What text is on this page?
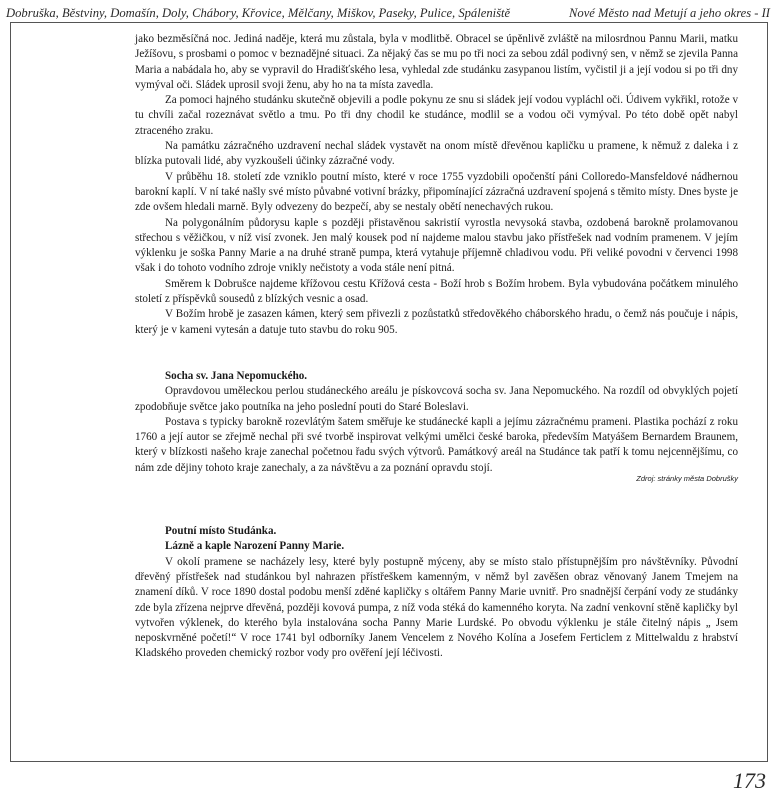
Dobruška, Běstviny, Domašín, Doly, Chábory, Křovice, Mělčany, Miškov, Paseky, Pulice, Spáleniště	Nové Město nad Metují a jeho okres - II

jako bezměsíčná noc. Jediná naděje, která mu zůstala, byla v modlitbě. Obracel se úpěnlivě zvláště na milosrdnou Pannu Marii, matku Ježíšovu, s prosbami o pomoc v beznadějné situaci. Za nějaký čas se mu po tři noci za sebou zdál podivný sen, v němž se zjevila Panna Maria a nabádala ho, aby se vypravil do Hradišťského lesa, vyhledal zde studánku zasypanou listím, vyčistil ji a její vodou si po tři dny vymýval oči. Sládek uprosil svoji ženu, aby ho na ta místa zavedla.

Za pomoci hajného studánku skutečně objevili a podle pokynu ze snu si sládek její vodou vypláchl oči. Údivem vykřikl, rotože v tu chvíli začal rozeznávat světlo a tmu. Po tři dny chodil ke studánce, modlil se a vodou oči vymýval. Po této době opět nabyl ztraceného zraku.

Na památku zázračného uzdravení nechal sládek vystavět na onom místě dřevěnou kapličku u pramene, k němuž z daleka i z blízka putovali lidé, aby vyzkoušeli účinky zázračné vody.

V průběhu 18. století zde vzniklo poutní místo, které v roce 1755 vyzdobili opočenští páni Colloredo-Mansfeldové nádhernou barokní kaplí. V ní také našly své místo půvabné votivní brázky, připomínající zázračná uzdravení spojená s těmito místy. Dnes byste je zde ovšem hledali marně. Byly odvezeny do bezpečí, aby se nestaly obětí nenechavých rukou.

Na polygonálním půdorysu kaple s později přistavěnou sakristií vyrostla nevysoká stavba, ozdobená barokně prolamovanou střechou s věžičkou, v níž visí zvonek. Jen malý kousek pod ní najdeme malou stavbu jako přístřešek nad vodním pramenem. V jejím výklenku je soška Panny Marie a na druhé straně pumpa, která vytahuje příjemně chladivou vodu. Při veliké povodni v červenci 1998 však i do tohoto vodního zdroje vnikly nečistoty a voda stále není pitná.

Směrem k Dobrušce najdeme křížovou cestu Křížová cesta - Boží hrob s Božím hrobem. Byla vybudována počátkem minulého století z příspěvků sousedů z blízkých vesnic a osad.

V Božím hrobě je zasazen kámen, který sem přivezli z pozůstatků středověkého cháborského hradu, o čemž nás poučuje i nápis, který je v kameni vytesán a datuje tuto stavbu do roku 905.

Socha sv. Jana Nepomuckého.

Opravdovou uměleckou perlou studáneckého areálu je pískovcová socha sv. Jana Nepomuckého. Na rozdíl od obvyklých pojetí zpodobňuje světce jako poutníka na jeho poslední pouti do Staré Boleslavi.

Postava s typicky barokně rozevlátým šatem směřuje ke studánecké kapli a jejímu zázračnému prameni. Plastika pochází z roku 1760 a její autor se zřejmě nechal při své tvorbě inspirovat velkými umělci české baroka, především Matyášem Bernardem Braunem, který v blízkosti našeho kraje zanechal početnou řadu svých výtvorů. Památkový areál na Studánce tak patří k tomu nejcennějšímu, co nám zde dějiny tohoto kraje zanechaly, a za návštěvu a za poznání opravdu stojí.

Zdroj: stránky města Dobrušky

Poutní místo Studánka.

Lázně a kaple Narození Panny Marie.

V okolí pramene se nacházely lesy, které byly postupně mýceny, aby se místo stalo přístupnějším pro návštěvníky. Původní dřevěný přístřešek nad studánkou byl nahrazen přístřeškem kamenným, v němž byl zavěšen obraz věnovaný Janem Tmejem na znamení díků. V roce 1890 dostal podobu menší zděné kapličky s oltářem Panny Marie uvnitř. Pro snadnější čerpání vody ze studánky zde byla zřízena nejprve dřevěná, později kovová pumpa, z níž voda stéká do kamenného koryta. Na zadní venkovní stěně kapličky byl vytvořen výklenek, do kterého byla instalována socha Panny Marie Lurdské. Po obvodu výklenku je stále čitelný nápis „ Jsem neposkvrněné početí!“ V roce 1741 byl odborníky Janem Vencelem z Nového Kolína a Josefem Ferticlem z Mittelwaldu z hrabství Kladského proveden chemický rozbor vody pro ověření její léčivosti.

173
